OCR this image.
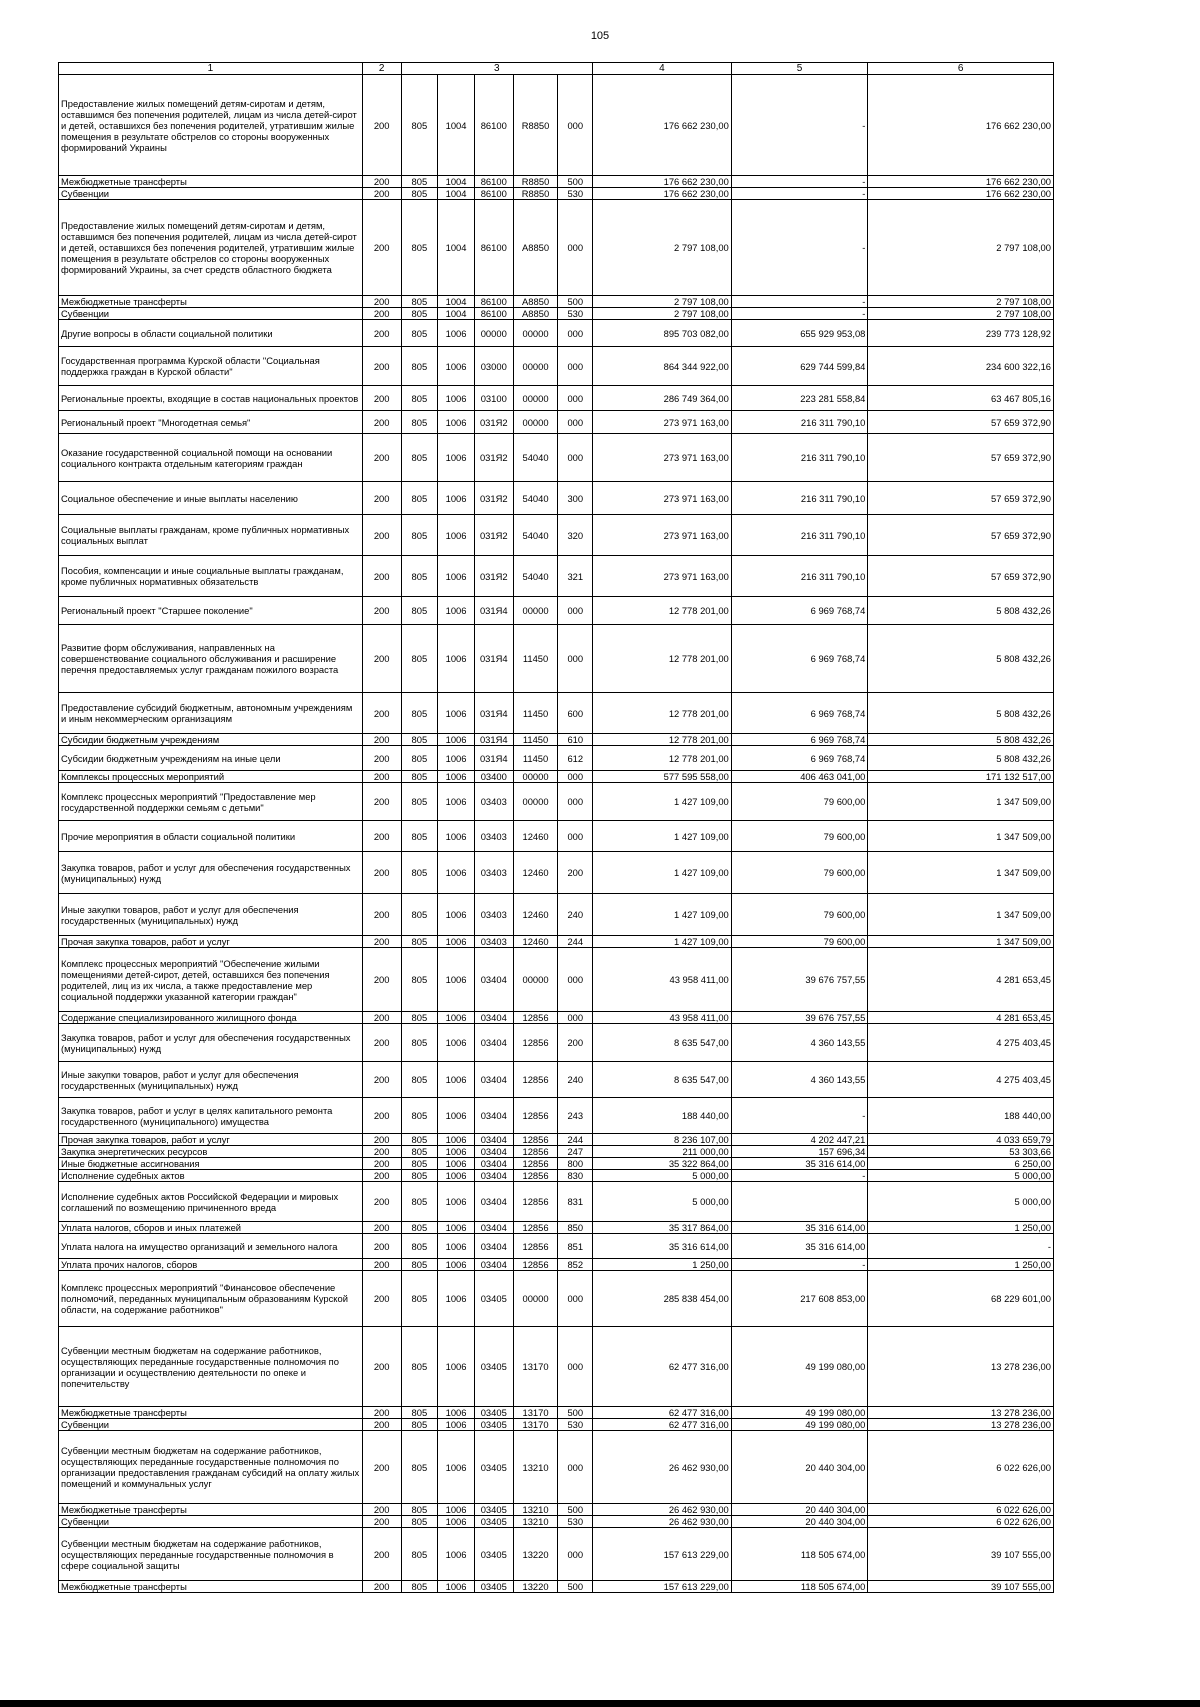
105
1	2	3					4	5	6
Предоставление жилых помещений детям-сиротам и детям, оставшимся без попечения родителей, лицам из числа детей-сирот и детей, оставшихся без попечения родителей, утратившим жилые помещения в результате обстрелов со стороны вооруженных формирований Украины	200	805	1004	86100	R8850	000	176 662 230,00	-	176 662 230,00
Межбюджетные трансферты	200	805	1004	86100	R8850	500	176 662 230,00	-	176 662 230,00
Субвенции	200	805	1004	86100	R8850	530	176 662 230,00	-	176 662 230,00
Предоставление жилых помещений детям-сиротам и детям, оставшимся без попечения родителей, лицам из числа детей-сирот и детей, оставшихся без попечения родителей, утратившим жилые помещения в результате обстрелов со стороны вооруженных формирований Украины, за счет средств областного бюджета	200	805	1004	86100	А8850	000	2 797 108,00	-	2 797 108,00
Межбюджетные трансферты	200	805	1004	86100	А8850	500	2 797 108,00	-	2 797 108,00
Субвенции	200	805	1004	86100	А8850	530	2 797 108,00	-	2 797 108,00
Другие вопросы в области социальной политики	200	805	1006	00000	00000	000	895 703 082,00	655 929 953,08	239 773 128,92
Государственная программа Курской области "Социальная поддержка граждан в Курской области"	200	805	1006	03000	00000	000	864 344 922,00	629 744 599,84	234 600 322,16
Региональные проекты, входящие в состав национальных проектов	200	805	1006	03100	00000	000	286 749 364,00	223 281 558,84	63 467 805,16
Региональный проект "Многодетная семья"	200	805	1006	031Я2	00000	000	273 971 163,00	216 311 790,10	57 659 372,90
Оказание государственной социальной помощи на основании социального контракта отдельным категориям граждан	200	805	1006	031Я2	54040	000	273 971 163,00	216 311 790,10	57 659 372,90
Социальное обеспечение и иные выплаты населению	200	805	1006	031Я2	54040	300	273 971 163,00	216 311 790,10	57 659 372,90
Социальные выплаты гражданам, кроме публичных нормативных социальных выплат	200	805	1006	031Я2	54040	320	273 971 163,00	216 311 790,10	57 659 372,90
Пособия, компенсации и иные социальные выплаты гражданам, кроме публичных нормативных обязательств	200	805	1006	031Я2	54040	321	273 971 163,00	216 311 790,10	57 659 372,90
Региональный проект "Старшее поколение"	200	805	1006	031Я4	00000	000	12 778 201,00	6 969 768,74	5 808 432,26
Развитие форм обслуживания, направленных на совершенствование социального обслуживания и расширение перечня предоставляемых услуг гражданам пожилого возраста	200	805	1006	031Я4	11450	000	12 778 201,00	6 969 768,74	5 808 432,26
Предоставление субсидий бюджетным, автономным учреждениям и иным некоммерческим организациям	200	805	1006	031Я4	11450	600	12 778 201,00	6 969 768,74	5 808 432,26
Субсидии бюджетным учреждениям	200	805	1006	031Я4	11450	610	12 778 201,00	6 969 768,74	5 808 432,26
Субсидии бюджетным учреждениям на иные цели	200	805	1006	031Я4	11450	612	12 778 201,00	6 969 768,74	5 808 432,26
Комплексы процессных мероприятий	200	805	1006	03400	00000	000	577 595 558,00	406 463 041,00	171 132 517,00
Комплекс процессных мероприятий "Предоставление мер государственной поддержки семьям с детьми"	200	805	1006	03403	00000	000	1 427 109,00	79 600,00	1 347 509,00
Прочие мероприятия в области социальной политики	200	805	1006	03403	12460	000	1 427 109,00	79 600,00	1 347 509,00
Закупка товаров, работ и услуг для обеспечения государственных (муниципальных) нужд	200	805	1006	03403	12460	200	1 427 109,00	79 600,00	1 347 509,00
Иные закупки товаров, работ и услуг для обеспечения государственных (муниципальных) нужд	200	805	1006	03403	12460	240	1 427 109,00	79 600,00	1 347 509,00
Прочая закупка товаров, работ и услуг	200	805	1006	03403	12460	244	1 427 109,00	79 600,00	1 347 509,00
Комплекс процессных мероприятий "Обеспечение жилыми помещениями детей-сирот, детей, оставшихся без попечения родителей, лиц из их числа, а также предоставление мер социальной поддержки указанной категории граждан"	200	805	1006	03404	00000	000	43 958 411,00	39 676 757,55	4 281 653,45
Содержание специализированного жилищного фонда	200	805	1006	03404	12856	000	43 958 411,00	39 676 757,55	4 281 653,45
Закупка товаров, работ и услуг для обеспечения государственных (муниципальных) нужд	200	805	1006	03404	12856	200	8 635 547,00	4 360 143,55	4 275 403,45
Иные закупки товаров, работ и услуг для обеспечения государственных (муниципальных) нужд	200	805	1006	03404	12856	240	8 635 547,00	4 360 143,55	4 275 403,45
Закупка товаров, работ и услуг в целях капитального ремонта государственного (муниципального) имущества	200	805	1006	03404	12856	243	188 440,00	-	188 440,00
Прочая закупка товаров, работ и услуг	200	805	1006	03404	12856	244	8 236 107,00	4 202 447,21	4 033 659,79
Закупка энергетических ресурсов	200	805	1006	03404	12856	247	211 000,00	157 696,34	53 303,66
Иные бюджетные ассигнования	200	805	1006	03404	12856	800	35 322 864,00	35 316 614,00	6 250,00
Исполнение судебных актов	200	805	1006	03404	12856	830	5 000,00	-	5 000,00
Исполнение судебных актов Российской Федерации и мировых соглашений по возмещению причиненного вреда	200	805	1006	03404	12856	831	5 000,00		5 000,00
Уплата налогов, сборов и иных платежей	200	805	1006	03404	12856	850	35 317 864,00	35 316 614,00	1 250,00
Уплата налога на имущество организаций и земельного налога	200	805	1006	03404	12856	851	35 316 614,00	35 316 614,00	-
Уплата прочих налогов, сборов	200	805	1006	03404	12856	852	1 250,00	-	1 250,00
Комплекс процессных мероприятий "Финансовое обеспечение полномочий, переданных муниципальным образованиям Курской области, на содержание работников"	200	805	1006	03405	00000	000	285 838 454,00	217 608 853,00	68 229 601,00
Субвенции местным бюджетам на содержание работников, осуществляющих переданные государственные полномочия по организации и осуществлению деятельности по опеке и попечительству	200	805	1006	03405	13170	000	62 477 316,00	49 199 080,00	13 278 236,00
Межбюджетные трансферты	200	805	1006	03405	13170	500	62 477 316,00	49 199 080,00	13 278 236,00
Субвенции	200	805	1006	03405	13170	530	62 477 316,00	49 199 080,00	13 278 236,00
Субвенции местным бюджетам на содержание работников, осуществляющих переданные государственные полномочия по организации предоставления гражданам субсидий на оплату жилых помещений и коммунальных услуг	200	805	1006	03405	13210	000	26 462 930,00	20 440 304,00	6 022 626,00
Межбюджетные трансферты	200	805	1006	03405	13210	500	26 462 930,00	20 440 304,00	6 022 626,00
Субвенции	200	805	1006	03405	13210	530	26 462 930,00	20 440 304,00	6 022 626,00
Субвенции местным бюджетам на содержание работников, осуществляющих переданные государственные полномочия в сфере социальной защиты	200	805	1006	03405	13220	000	157 613 229,00	118 505 674,00	39 107 555,00
Межбюджетные трансферты	200	805	1006	03405	13220	500	157 613 229,00	118 505 674,00	39 107 555,00
